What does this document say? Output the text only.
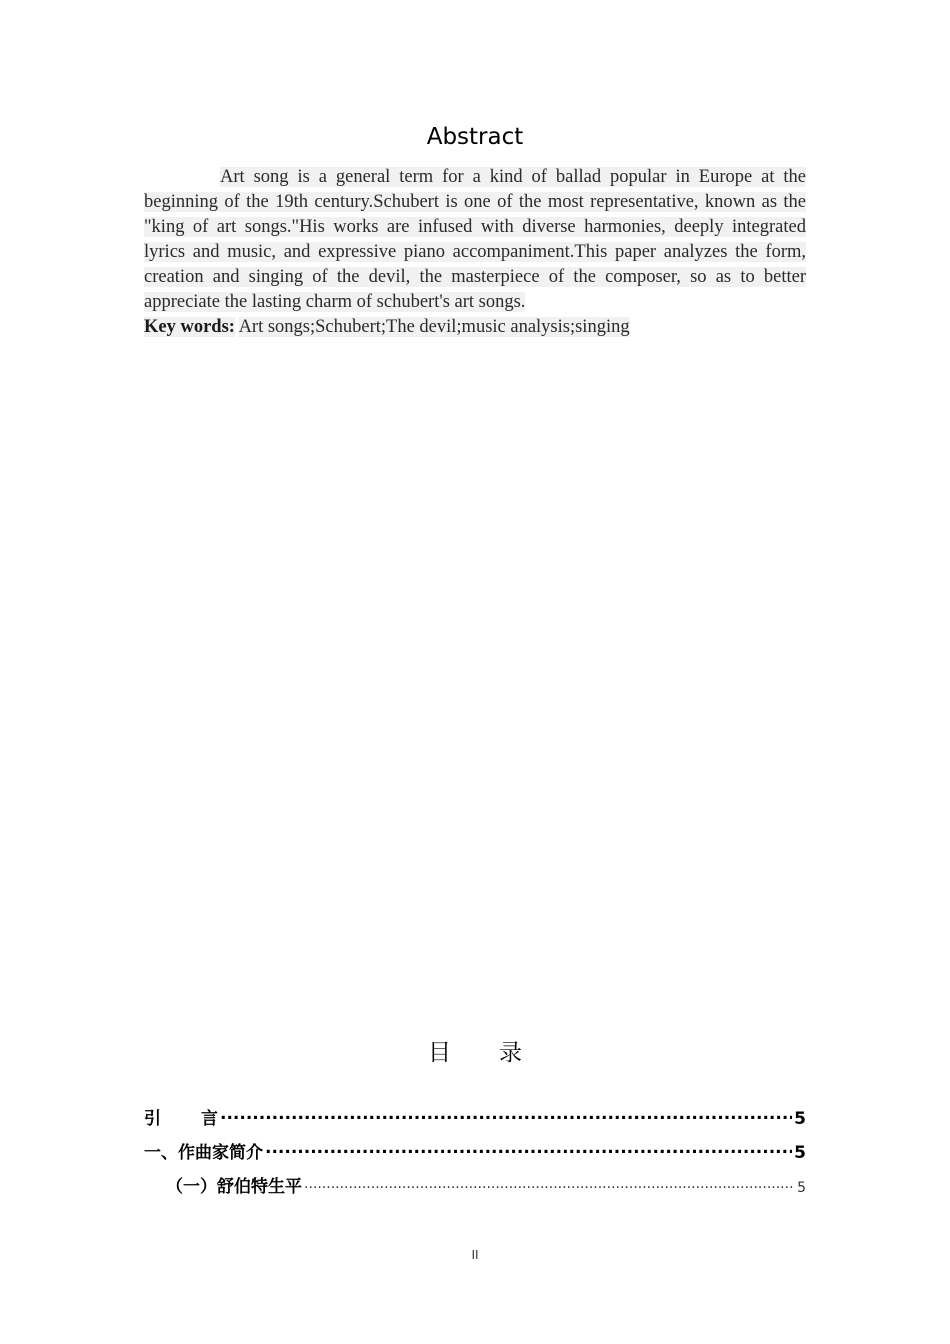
Abstract

Art song is a general term for a kind of ballad popular in Europe at the beginning of the 19th century.Schubert is one of the most representative, known as the "king of art songs."His works are infused with diverse harmonies, deeply integrated lyrics and music, and expressive piano accompaniment.This paper analyzes the form, creation and singing of the devil, the masterpiece of the composer, so as to better appreciate the lasting charm of schubert's art songs.

Key words: Art songs;Schubert;The devil;music analysis;singing
目 录
引 言 .....	5
一、作曲家简介 .....	5
（一）舒伯特生平 .....	5
II
